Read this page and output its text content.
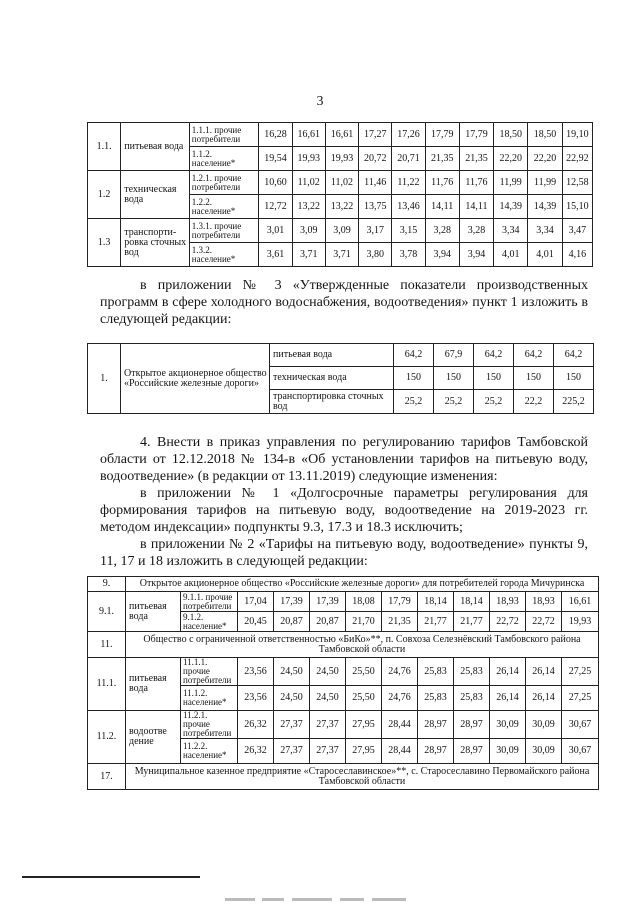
3
1.1.	питьевая вода	1.1.1. прочие потребители	16,28	16,61	16,61	17,27	17,26	17,79	17,79	18,50	18,50	19,10
		1.1.2. население*	19,54	19,93	19,93	20,72	20,71	21,35	21,35	22,20	22,20	22,92
1.2	техническая вода	1.2.1. прочие потребители	10,60	11,02	11,02	11,46	11,22	11,76	11,76	11,99	11,99	12,58
		1.2.2. население*	12,72	13,22	13,22	13,75	13,46	14,11	14,11	14,39	14,39	15,10
1.3	транспорти-ровка сточных вод	1.3.1. прочие потребители	3,01	3,09	3,09	3,17	3,15	3,28	3,28	3,34	3,34	3,47
		1.3.2. население*	3,61	3,71	3,71	3,80	3,78	3,94	3,94	4,01	4,01	4,16

в приложении № 3 «Утвержденные показатели производственных программ в сфере холодного водоснабжения, водоотведения» пункт 1 изложить в следующей редакции:

1.	Открытое акционерное общество «Российские железные дороги»	питьевая вода	64,2	67,9	64,2	64,2	64,2
		техническая вода	150	150	150	150	150
		транспортировка сточных вод	25,2	25,2	25,2	22,2	225,2

4. Внести в приказ управления по регулированию тарифов Тамбовской области от 12.12.2018 № 134-в «Об установлении тарифов на питьевую воду, водоотведение» (в редакции от 13.11.2019) следующие изменения:

в приложении № 1 «Долгосрочные параметры регулирования для формирования тарифов на питьевую воду, водоотведение на 2019-2023 гг. методом индексации» подпункты 9.3, 17.3 и 18.3 исключить;

в приложении № 2 «Тарифы на питьевую воду, водоотведение» пункты 9, 11, 17 и 18 изложить в следующей редакции:

9.	Открытое акционерное общество «Российские железные дороги» для потребителей города Мичуринска											
9.1.	питьевая вода	9.1.1. прочие потребители	17,04	17,39	17,39	18,08	17,79	18,14	18,14	18,93	18,93	16,61
		9.1.2. население*	20,45	20,87	20,87	21,70	21,35	21,77	21,77	22,72	22,72	19,93
11.	Общество с ограниченной ответственностью «БиКо»**, п. Совхоза Селезнёвский Тамбовского района Тамбовской области											
11.1.	питьевая вода	11.1.1. прочие потребители	23,56	24,50	24,50	25,50	24,76	25,83	25,83	26,14	26,14	27,25
		11.1.2. население*	23,56	24,50	24,50	25,50	24,76	25,83	25,83	26,14	26,14	27,25
11.2.	водоотве дение	11.2.1. прочие потребители	26,32	27,37	27,37	27,95	28,44	28,97	28,97	30,09	30,09	30,67
		11.2.2. население*	26,32	27,37	27,37	27,95	28,44	28,97	28,97	30,09	30,09	30,67
17.	Муниципальное казенное предприятие «Старосеславинское»**, с. Старосеславино Первомайского района Тамбовской области											
